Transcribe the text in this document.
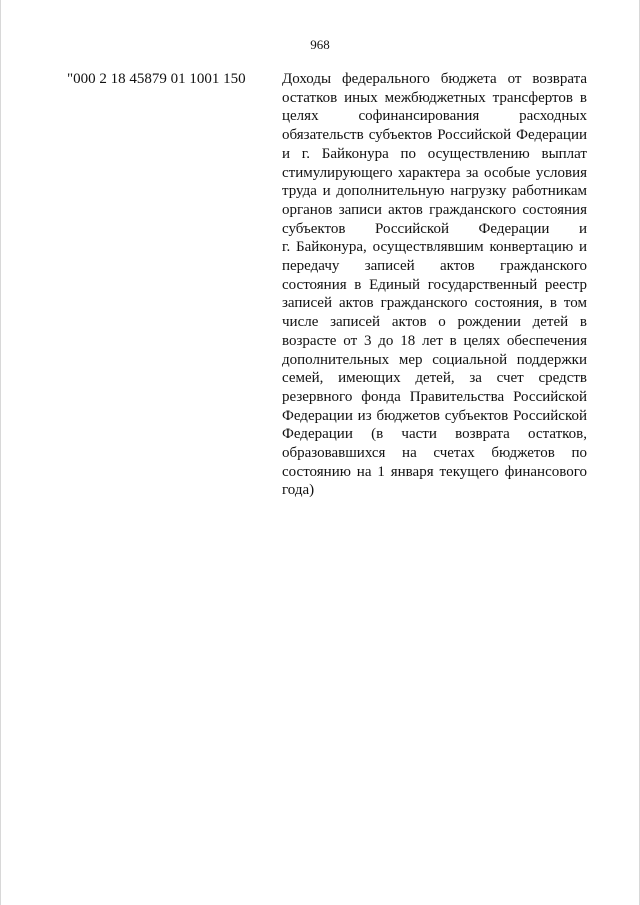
968
"000 2 18 45879 01 1001 150 Доходы федерального бюджета от возврата
остатков иных межбюджетных трансфертов в
целях софинансирования расходных
обязательств субъектов Российской Федерации
и г. Байконура по осуществлению выплат
стимулирующего характера за особые условия
труда и дополнительную нагрузку работникам
органов записи актов гражданского состояния
субъектов Российской Федерации и
г. Байконура, осуществлявшим конвертацию и
передачу записей актов гражданского
состояния в Единый государственный реестр
записей актов гражданского состояния, в том
числе записей актов о рождении детей в
возрасте от 3 до 18 лет в целях обеспечения
дополнительных мер социальной поддержки
семей, имеющих детей, за счет средств
резервного фонда Правительства Российской
Федерации из бюджетов субъектов Российской
Федерации (в части возврата остатков,
образовавшихся на счетах бюджетов по
состоянию на 1 января текущего финансового
года)
